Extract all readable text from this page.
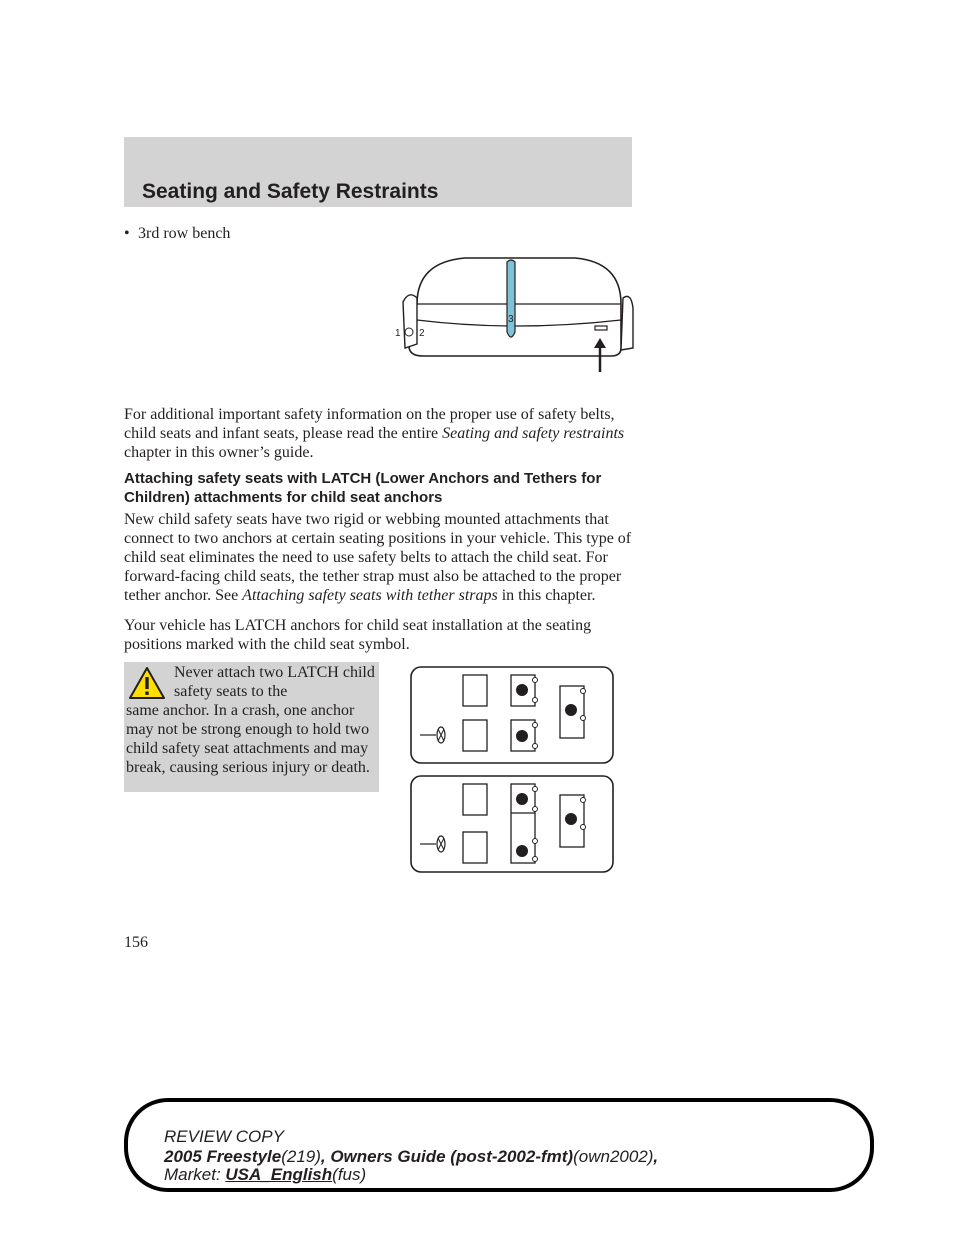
Seating and Safety Restraints
• 3rd row bench
1
3
2
For additional important safety information on the proper use of safety belts, child seats and infant seats, please read the entire Seating and safety restraints chapter in this owner’s guide.
Attaching safety seats with LATCH (Lower Anchors and Tethers for Children) attachments for child seat anchors
New child safety seats have two rigid or webbing mounted attachments that connect to two anchors at certain seating positions in your vehicle. This type of child seat eliminates the need to use safety belts to attach the child seat. For forward-facing child seats, the tether strap must also be attached to the proper tether anchor. See Attaching safety seats with tether straps in this chapter.
Your vehicle has LATCH anchors for child seat installation at the seating positions marked with the child seat symbol.
Never attach two LATCH child safety seats to the
same anchor. In a crash, one anchor may not be strong enough to hold two child safety seat attachments and may break, causing serious injury or death.
156
REVIEW COPY
2005 Freestyle(219), Owners Guide (post-2002-fmt)(own2002),
Market: USA_English(fus)
